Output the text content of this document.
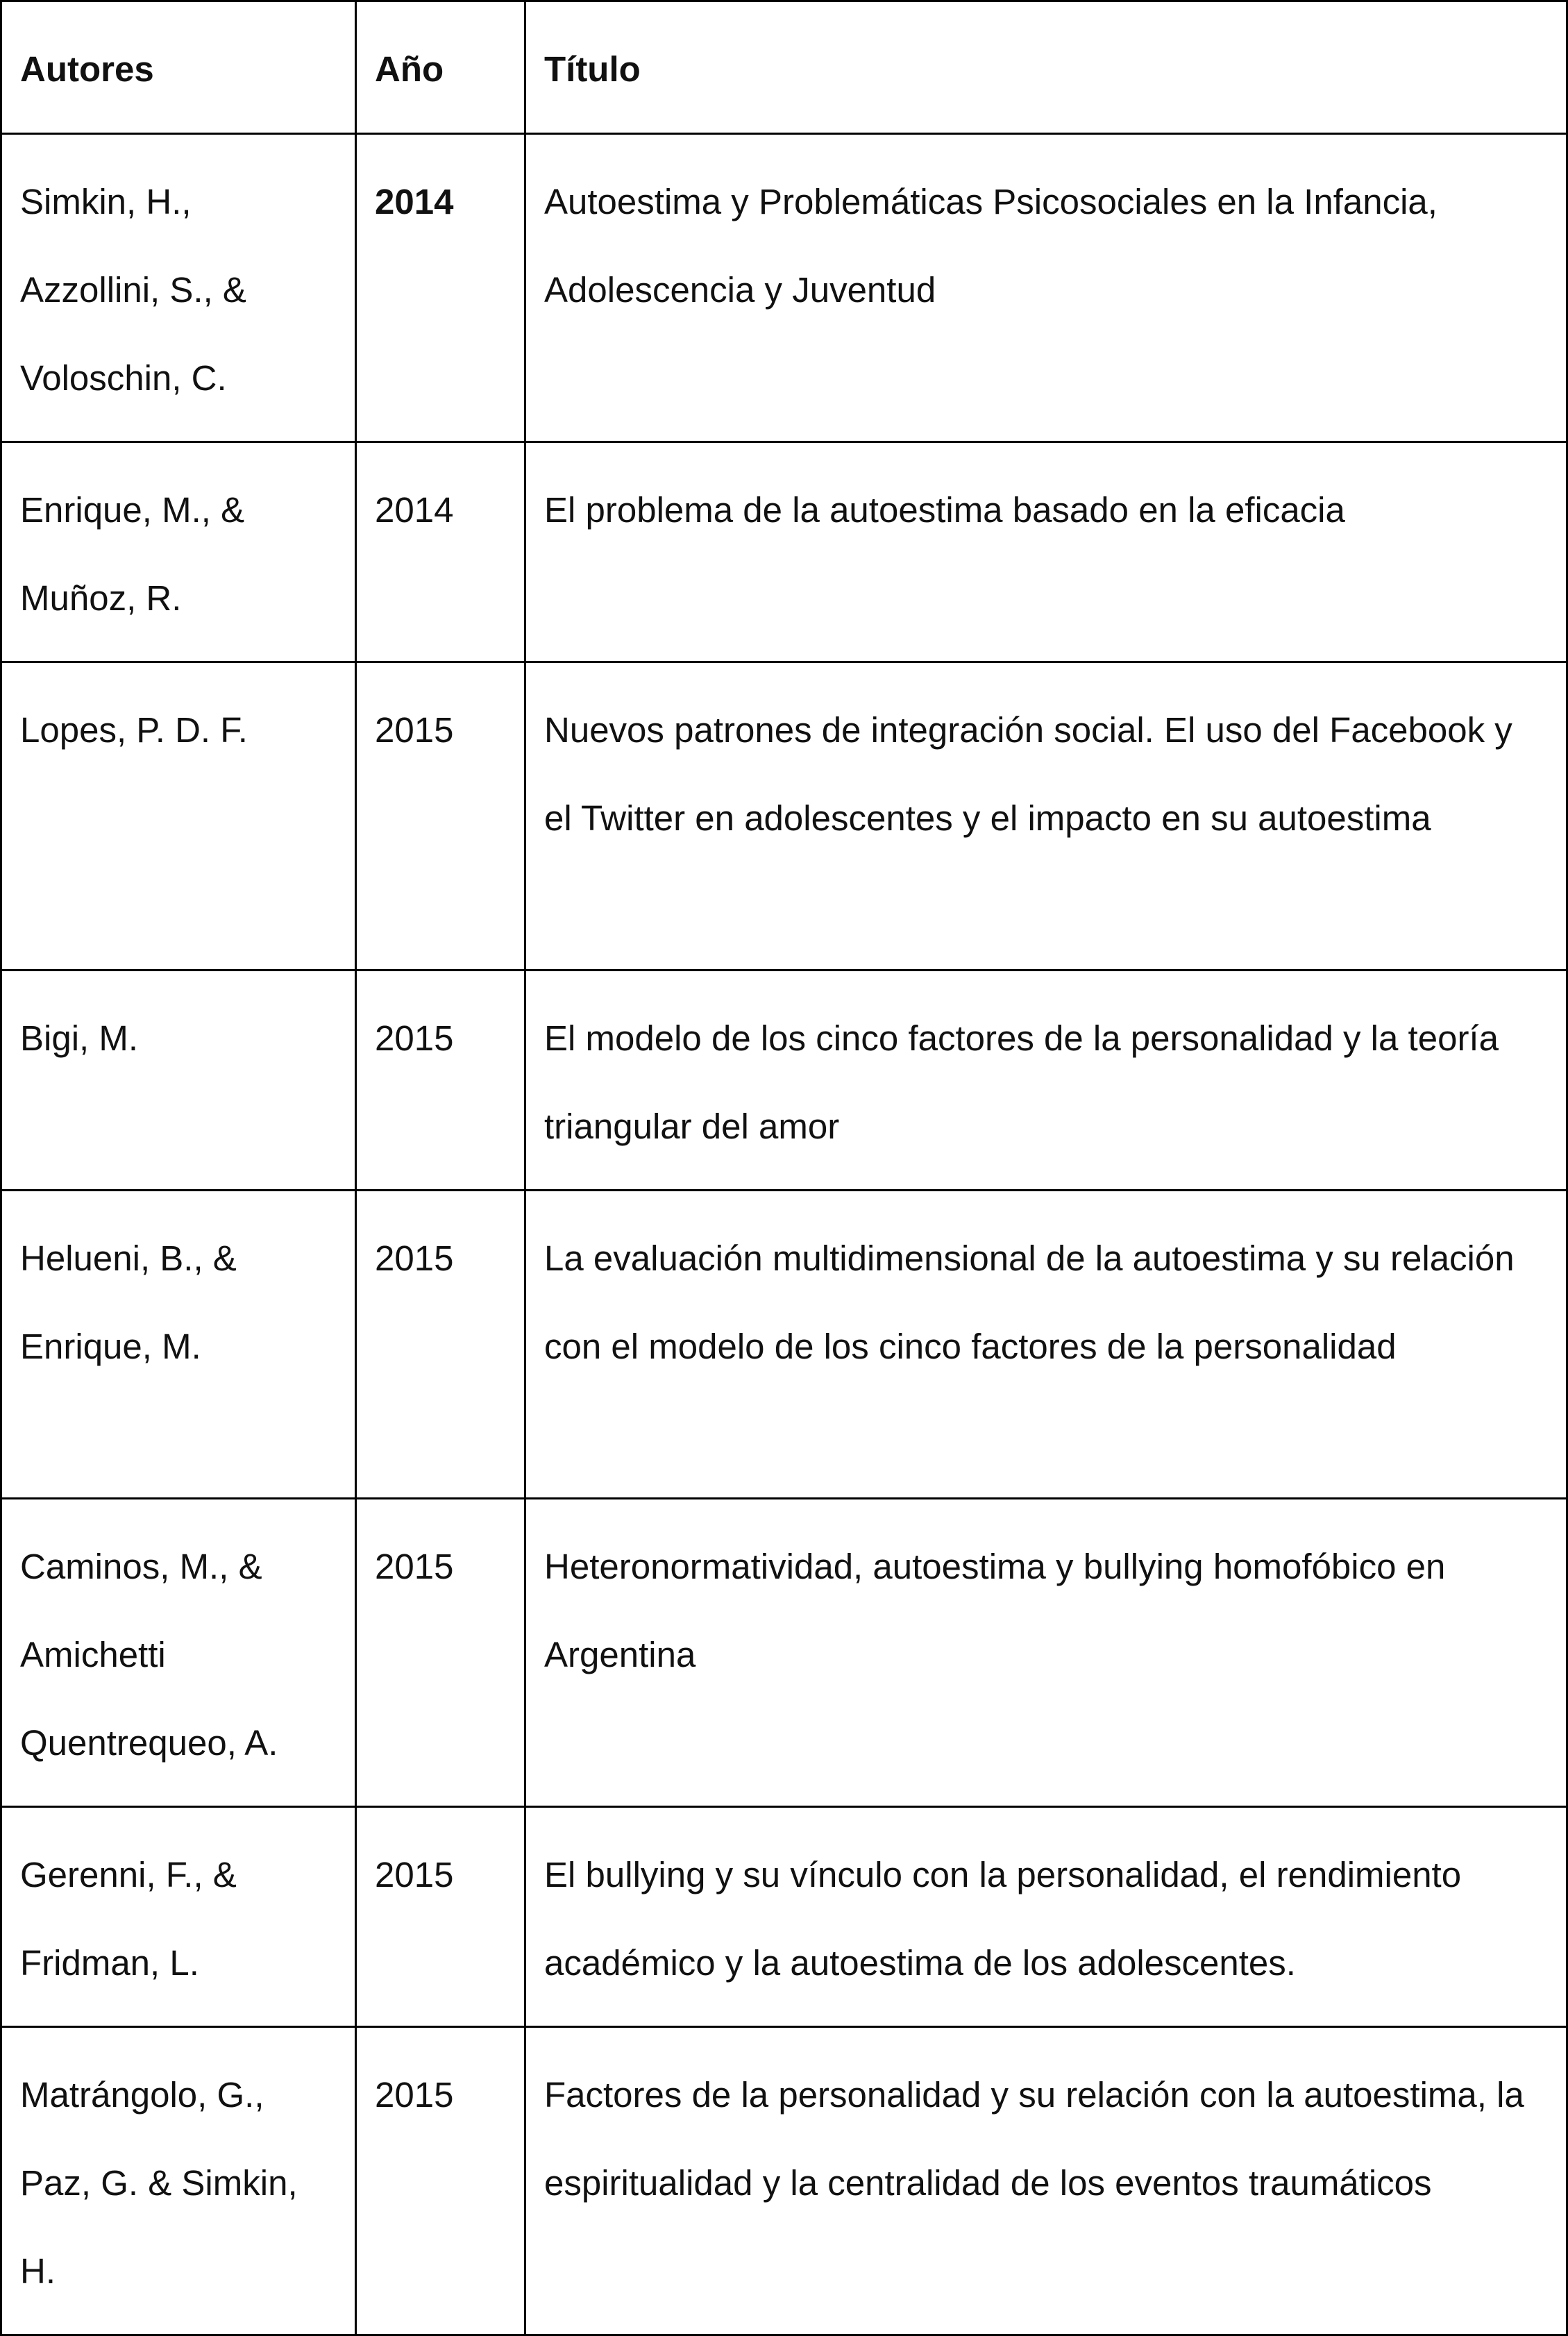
Autores	Año	Título
Simkin, H., Azzollini, S., & Voloschin, C.	2014	Autoestima y Problemáticas Psicosociales en la Infancia, Adolescencia y Juventud
Enrique, M., & Muñoz, R.	2014	El problema de la autoestima basado en la eficacia
Lopes, P. D. F.	2015	Nuevos patrones de integración social. El uso del Facebook y el Twitter en adolescentes y el impacto en su autoestima
Bigi, M.	2015	El modelo de los cinco factores de la personalidad y la teoría triangular del amor
Helueni, B., & Enrique, M.	2015	La evaluación multidimensional de la autoestima y su relación con el modelo de los cinco factores de la personalidad
Caminos, M., & Amichetti Quentrequeo, A.	2015	Heteronormatividad, autoestima y bullying homofóbico en Argentina
Gerenni, F., & Fridman, L.	2015	El bullying y su vínculo con la personalidad, el rendimiento académico y la autoestima de los adolescentes.
Matrángolo, G., Paz, G. & Simkin, H.	2015	Factores de la personalidad y su relación con la autoestima, la espiritualidad y la centralidad de los eventos traumáticos
